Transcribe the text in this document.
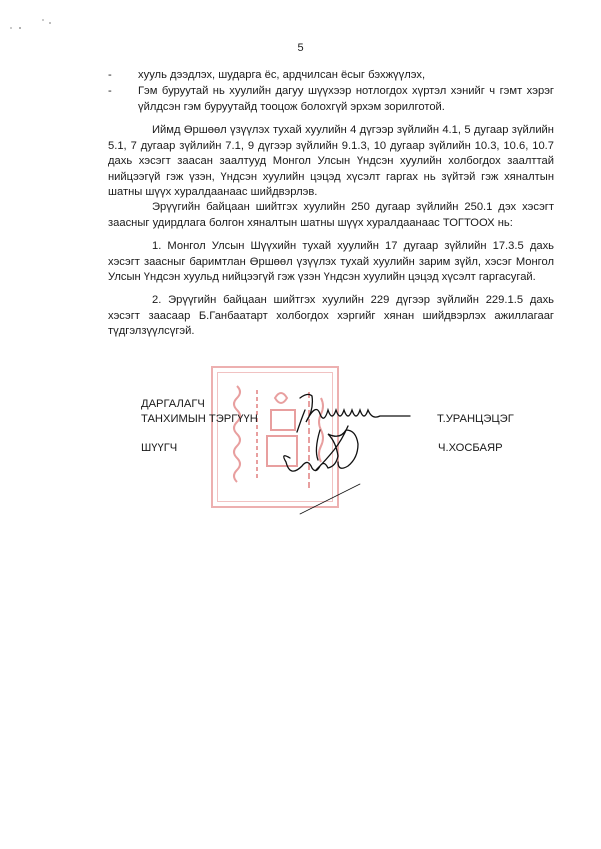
5
- хууль дээдлэх, шударга ёс, ардчилсан ёсыг бэхжүүлэх,
- Гэм буруутай нь хуулийн дагуу шүүхээр нотлогдох хүртэл хэнийг ч гэмт хэрэг үйлдсэн гэм буруутайд тооцож болохгүй эрхэм зорилготой.
Иймд Өршөөл үзүүлэх тухай хуулийн 4 дүгээр зүйлийн 4.1, 5 дугаар зүйлийн 5.1, 7 дугаар зүйлийн 7.1, 9 дүгээр зүйлийн 9.1.3, 10 дугаар зүйлийн 10.3, 10.6, 10.7 дахь хэсэгт заасан заалтууд Монгол Улсын Үндсэн хуулийн холбогдох заалттай нийцээгүй гэж үзэн, Үндсэн хуулийн цэцэд хүсэлт гаргах нь зүйтэй гэж хяналтын шатны шүүх хуралдаанаас шийдвэрлэв.
Эрүүгийн байцаан шийтгэх хуулийн 250 дугаар зүйлийн 250.1 дэх хэсэгт заасныг удирдлага болгон хяналтын шатны шүүх хуралдаанаас ТОГТООХ нь:
1. Монгол Улсын Шүүхийн тухай хуулийн 17 дугаар зүйлийн 17.3.5 дахь хэсэгт заасныг баримтлан Өршөөл үзүүлэх тухай хуулийн зарим зүйл, хэсэг Монгол Улсын Үндсэн хуульд нийцээгүй гэж үзэн Үндсэн хуулийн цэцэд хүсэлт гаргасугай.
2. Эрүүгийн байцаан шийтгэх хуулийн 229 дүгээр зүйлийн 229.1.5 дахь хэсэгт заасаар Б.Ганбаатарт холбогдох хэргийг хянан шийдвэрлэх ажиллагааг түдгэлзүүлсүгэй.
ДАРГАЛАГЧ
ТАНХИМЫН ТЭРГҮҮН	Т.УРАНЦЭЦЭГ
ШҮҮГЧ	Ч.ХОСБАЯР
